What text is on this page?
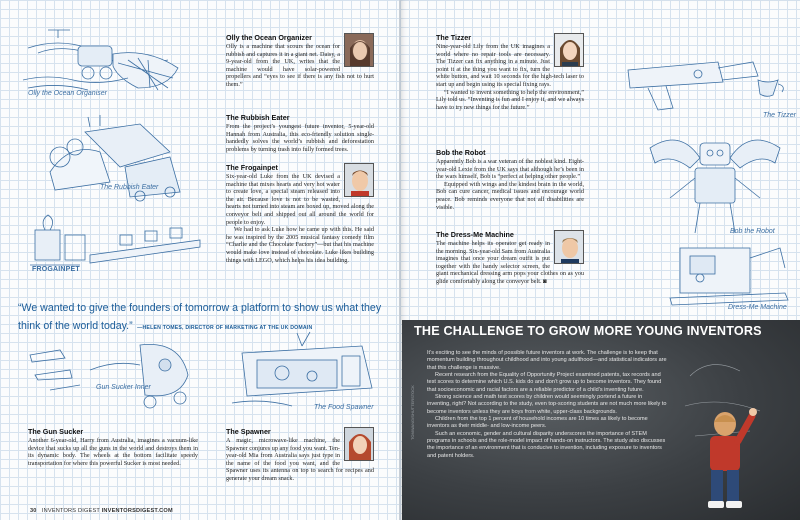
Olly the Ocean Organiser
The Rubbish Eater
FROGAINPET
Gun Sucker Inner
The Food Spawner
Olly the Ocean Organizer

Olly is a machine that scours the ocean for rubbish and captures it in a giant net. Daisy, a 9-year-old from the UK, writes that the machine would have solar-powered propellers and “eyes to see if there is any fish not to hurt them.”

The Rubbish Eater

From the project’s youngest future inventor, 5-year-old Hannah from Australia, this eco-friendly solution single-handedly solves the world’s rubbish and deforestation problems by turning trash into fully formed trees.

The Frogainpet

Six-year-old Luke from the UK devised a machine that mixes hearts and very hot water to create love, a special steam released into the air. Because love is not to be wasted, hearts not turned into steam are boxed up, moved along the conveyor belt and shipped out all around the world for people to enjoy.

We had to ask Luke how he came up with this. He said he was inspired by the 2005 musical fantasy comedy film “Charlie and the Chocolate Factory”—but that his machine would make love instead of chocolate. Luke likes building things with LEGO, which helps his idea building.

“We wanted to give the founders of tomorrow a platform to show us what they think of the world today.” —HELEN TOMES, DIRECTOR OF MARKETING AT THE UK DOMAIN
The Gun Sucker

Another 6-year-old, Harry from Australia, imagines a vacuum-like device that sucks up all the guns in the world and destroys them in its dynamic body. The wheels at the bottom facilitate speedy transportation for where this powerful Sucker is most needed.

The Spawner

A magic, microwave-like machine, the Spawner conjures up any food you want. Ten-year-old Mia from Australia says just type in the name of the food you want, and the Spawner uses its antenna on top to search for recipes and generate your dream snack.

30 INVENTORS DIGEST INVENTORSDIGEST.COM
The Tizzer
Bob the Robot
Dress-Me Machine
The Tizzer

Nine-year-old Lily from the UK imagines a world where no repair tools are necessary. The Tizzer can fix anything in a minute. Just point it at the thing you want to fix, turn the white button, and wait 10 seconds for the high-tech laser to start up and begin using its special fixing rays.

“I wanted to invent something to help the environment,” Lily told us. “Inventing is fun and I enjoy it, and we always have to try new things for the future.”

Bob the Robot

Apparently Bob is a war veteran of the noblest kind. Eight-year-old Lexie from the UK says that although he’s been in the wars himself, Bob is “perfect at helping other people.”

Equipped with wings and the kindest brain in the world, Bob can cure cancer, medical issues and encourage world peace. Bob reminds everyone that not all disabilities are visible.

The Dress-Me Machine

The machine helps its operator get ready in the morning. Six-year-old Sam from Australia imagines that once your dream outfit is put together with the handy selector screen, the giant mechanical dressing arm pops your clothes on as you glide comfortably along the conveyor belt. ◙

THE CHALLENGE TO GROW MORE YOUNG INVENTORS
TOMWANG/SHUTTERSTOCK

It’s exciting to see the minds of possible future inventors at work. The challenge is to keep that momentum building throughout childhood and into young adulthood—and statistical indicators are that this challenge is massive.

Recent research from the Equality of Opportunity Project examined patents, tax records and test scores to determine which U.S. kids do and don’t grow up to become inventors. They found that socioeconomic and racial factors are a reliable predictor of a child’s inventing future.

Strong science and math test scores by children would seemingly portend a future in inventing, right? Not according to the study, even top-scoring students are not much more likely to become inventors unless they are boys from white, upper-class backgrounds.

Children from the top 1 percent of household incomes are 10 times as likely to become inventors as their middle- and low-income peers.

Such an economic, gender and cultural disparity underscores the importance of STEM programs in schools and the role-model impact of hands-on instructors. The study also discusses the importance of an environment that is conducive to invention, including exposure to inventors and patent holders.
